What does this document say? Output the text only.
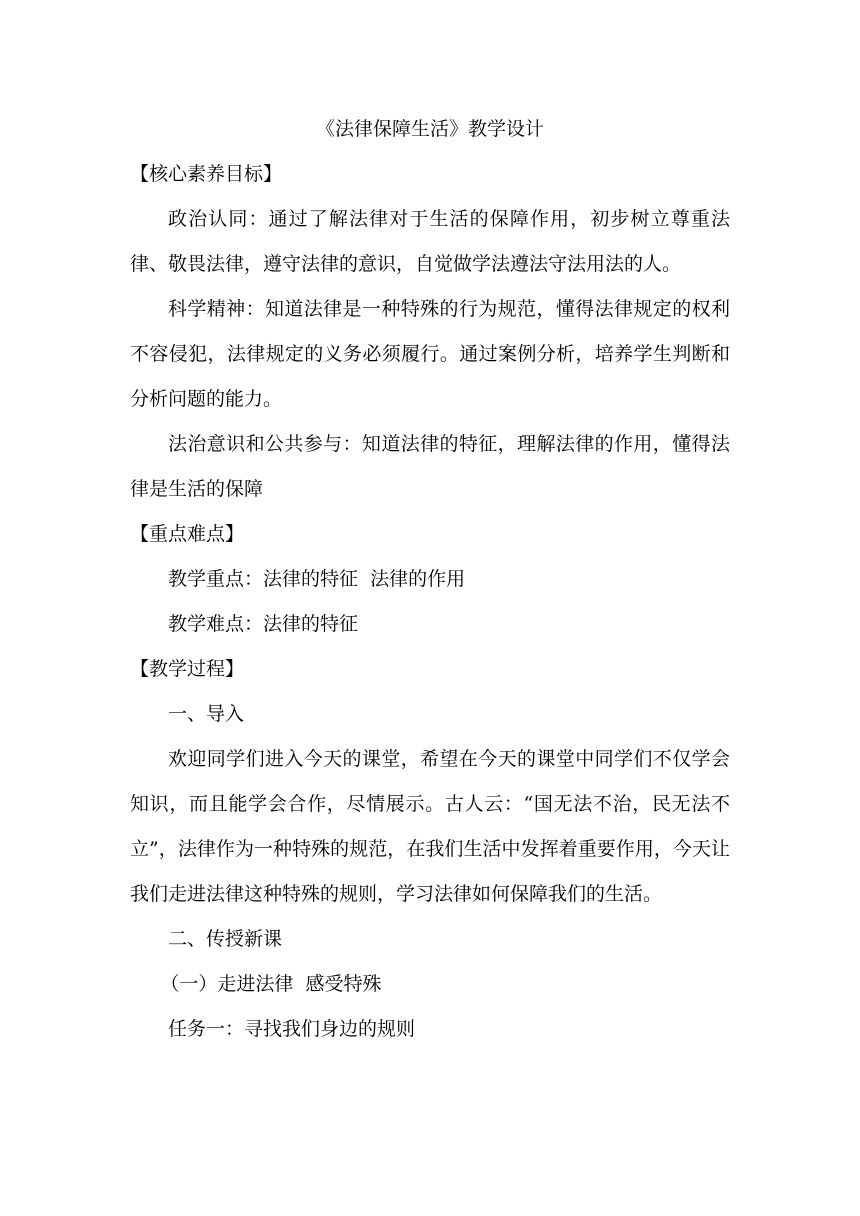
《法律保障生活》教学设计

【核心素养目标】

政治认同：通过了解法律对于生活的保障作用，初步树立尊重法律、敬畏法律，遵守法律的意识，自觉做学法遵法守法用法的人。

科学精神：知道法律是一种特殊的行为规范，懂得法律规定的权利不容侵犯，法律规定的义务必须履行。通过案例分析，培养学生判断和分析问题的能力。

法治意识和公共参与：知道法律的特征，理解法律的作用，懂得法律是生活的保障

【重点难点】

教学重点：法律的特征  法律的作用

教学难点：法律的特征

【教学过程】

一、导入

欢迎同学们进入今天的课堂，希望在今天的课堂中同学们不仅学会知识，而且能学会合作，尽情展示。古人云：“国无法不治，民无法不立”，法律作为一种特殊的规范，在我们生活中发挥着重要作用，今天让我们走进法律这种特殊的规则，学习法律如何保障我们的生活。

二、传授新课

（一）走进法律  感受特殊

任务一：寻找我们身边的规则
